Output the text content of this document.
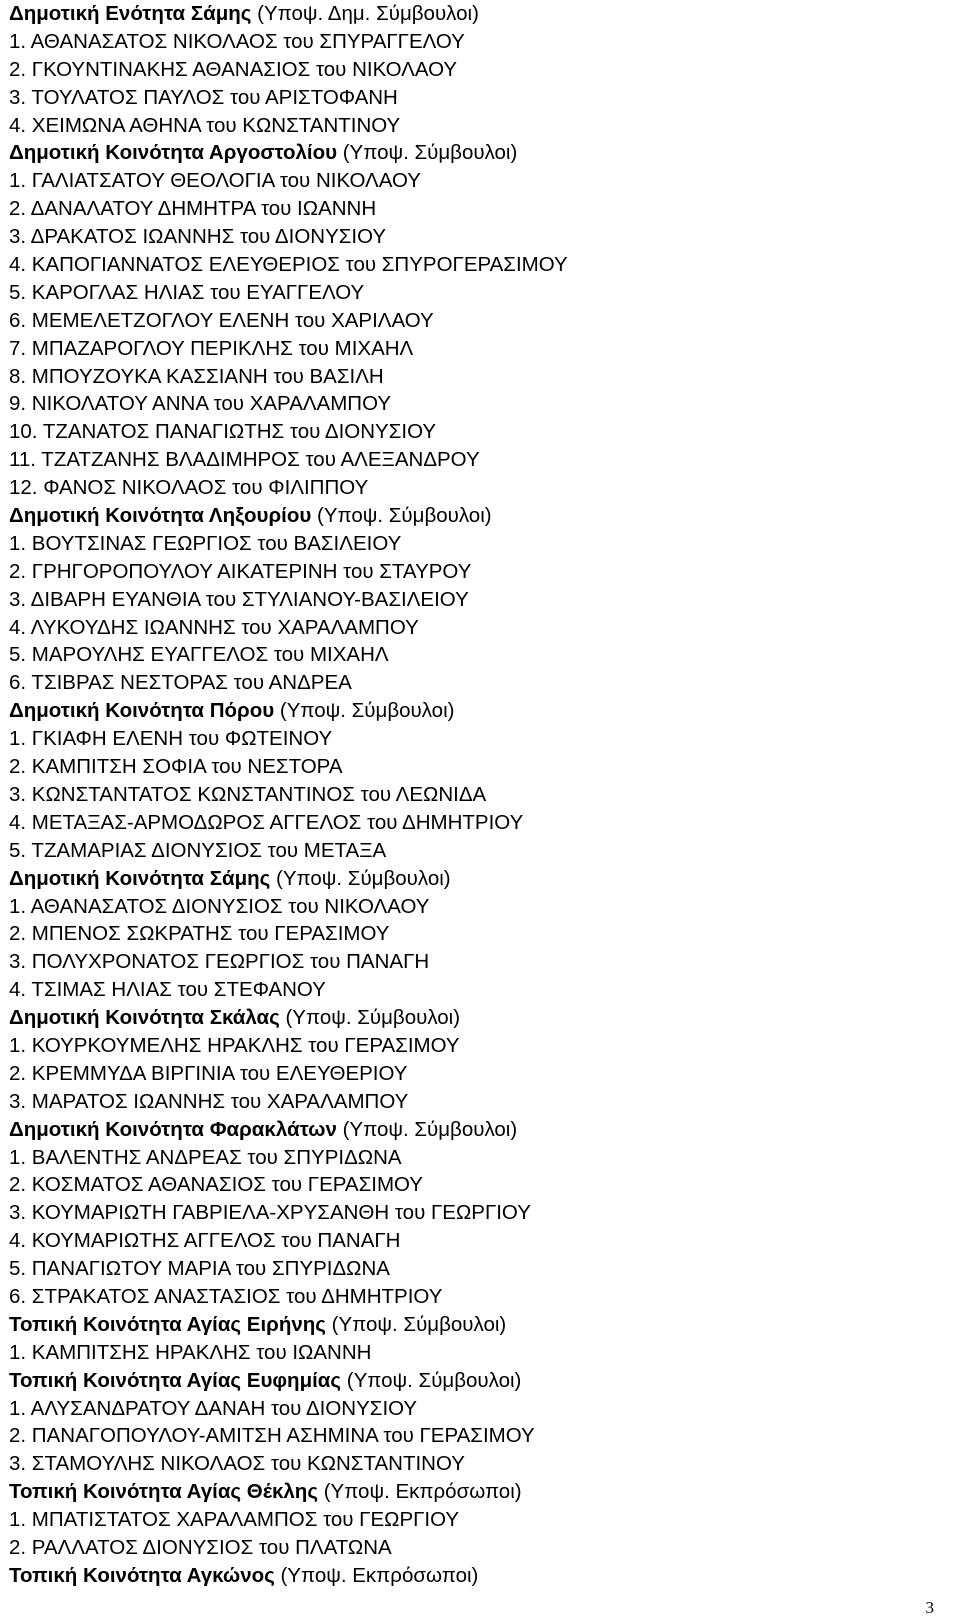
Δημοτική Ενότητα Σάμης (Υποψ. Δημ. Σύμβουλοι)
1. ΑΘΑΝΑΣΑΤΟΣ ΝΙΚΟΛΑΟΣ του ΣΠΥΡΑΓΓΕΛΟΥ
2. ΓΚΟΥΝΤΙΝΑΚΗΣ ΑΘΑΝΑΣΙΟΣ του ΝΙΚΟΛΑΟΥ
3. ΤΟΥΛΑΤΟΣ ΠΑΥΛΟΣ του ΑΡΙΣΤΟΦΑΝΗ
4. ΧΕΙΜΩΝΑ ΑΘΗΝΑ του ΚΩΝΣΤΑΝΤΙΝΟΥ
Δημοτική Κοινότητα Αργοστολίου (Υποψ. Σύμβουλοι)
1. ΓΑΛΙΑΤΣΑΤΟΥ ΘΕΟΛΟΓΙΑ του ΝΙΚΟΛΑΟΥ
2. ΔΑΝΑΛΑΤΟΥ ΔΗΜΗΤΡΑ του ΙΩΑΝΝΗ
3. ΔΡΑΚΑΤΟΣ ΙΩΑΝΝΗΣ του ΔΙΟΝΥΣΙΟΥ
4. ΚΑΠΟΓΙΑΝΝΑΤΟΣ ΕΛΕΥΘΕΡΙΟΣ του ΣΠΥΡΟΓΕΡΑΣΙΜΟΥ
5. ΚΑΡΟΓΛΑΣ ΗΛΙΑΣ του ΕΥΑΓΓΕΛΟΥ
6. ΜΕΜΕΛΕΤΖΟΓΛΟΥ ΕΛΕΝΗ του ΧΑΡΙΛΑΟΥ
7. ΜΠΑΖΑΡΟΓΛΟΥ ΠΕΡΙΚΛΗΣ του ΜΙΧΑΗΛ
8. ΜΠΟΥΖΟΥΚΑ ΚΑΣΣΙΑΝΗ του ΒΑΣΙΛΗ
9. ΝΙΚΟΛΑΤΟΥ ΑΝΝΑ του ΧΑΡΑΛΑΜΠΟΥ
10. ΤΖΑΝΑΤΟΣ ΠΑΝΑΓΙΩΤΗΣ του ΔΙΟΝΥΣΙΟΥ
11. ΤΖΑΤΖΑΝΗΣ ΒΛΑΔΙΜΗΡΟΣ του ΑΛΕΞΑΝΔΡΟΥ
12. ΦΑΝΟΣ ΝΙΚΟΛΑΟΣ του ΦΙΛΙΠΠΟΥ
Δημοτική Κοινότητα Ληξουρίου (Υποψ. Σύμβουλοι)
1. ΒΟΥΤΣΙΝΑΣ ΓΕΩΡΓΙΟΣ του ΒΑΣΙΛΕΙΟΥ
2. ΓΡΗΓΟΡΟΠΟΥΛΟΥ ΑΙΚΑΤΕΡΙΝΗ του ΣΤΑΥΡΟΥ
3. ΔΙΒΑΡΗ ΕΥΑΝΘΙΑ του ΣΤΥΛΙΑΝΟΥ-ΒΑΣΙΛΕΙΟΥ
4. ΛΥΚΟΥΔΗΣ ΙΩΑΝΝΗΣ του ΧΑΡΑΛΑΜΠΟΥ
5. ΜΑΡΟΥΛΗΣ ΕΥΑΓΓΕΛΟΣ του ΜΙΧΑΗΛ
6. ΤΣΙΒΡΑΣ ΝΕΣΤΟΡΑΣ του ΑΝΔΡΕΑ
Δημοτική Κοινότητα Πόρου (Υποψ. Σύμβουλοι)
1. ΓΚΙΑΦΗ ΕΛΕΝΗ του ΦΩΤΕΙΝΟΥ
2. ΚΑΜΠΙΤΣΗ ΣΟΦΙΑ του ΝΕΣΤΟΡΑ
3. ΚΩΝΣΤΑΝΤΑΤΟΣ ΚΩΝΣΤΑΝΤΙΝΟΣ του ΛΕΩΝΙΔΑ
4. ΜΕΤΑΞΑΣ-ΑΡΜΟΔΩΡΟΣ ΑΓΓΕΛΟΣ του ΔΗΜΗΤΡΙΟΥ
5. ΤΖΑΜΑΡΙΑΣ ΔΙΟΝΥΣΙΟΣ του ΜΕΤΑΞΑ
Δημοτική Κοινότητα Σάμης (Υποψ. Σύμβουλοι)
1. ΑΘΑΝΑΣΑΤΟΣ ΔΙΟΝΥΣΙΟΣ του ΝΙΚΟΛΑΟΥ
2. ΜΠΕΝΟΣ ΣΩΚΡΑΤΗΣ του ΓΕΡΑΣΙΜΟΥ
3. ΠΟΛΥΧΡΟΝΑΤΟΣ ΓΕΩΡΓΙΟΣ του ΠΑΝΑΓΗ
4. ΤΣΙΜΑΣ ΗΛΙΑΣ του ΣΤΕΦΑΝΟΥ
Δημοτική Κοινότητα Σκάλας (Υποψ. Σύμβουλοι)
1. ΚΟΥΡΚΟΥΜΕΛΗΣ ΗΡΑΚΛΗΣ του ΓΕΡΑΣΙΜΟΥ
2. ΚΡΕΜΜΥΔΑ ΒΙΡΓΙΝΙΑ του ΕΛΕΥΘΕΡΙΟΥ
3. ΜΑΡΑΤΟΣ ΙΩΑΝΝΗΣ του ΧΑΡΑΛΑΜΠΟΥ
Δημοτική Κοινότητα Φαρακλάτων (Υποψ. Σύμβουλοι)
1. ΒΑΛΕΝΤΗΣ ΑΝΔΡΕΑΣ του ΣΠΥΡΙΔΩΝΑ
2. ΚΟΣΜΑΤΟΣ ΑΘΑΝΑΣΙΟΣ του ΓΕΡΑΣΙΜΟΥ
3. ΚΟΥΜΑΡΙΩΤΗ ΓΑΒΡΙΕΛΑ-ΧΡΥΣΑΝΘΗ του ΓΕΩΡΓΙΟΥ
4. ΚΟΥΜΑΡΙΩΤΗΣ ΑΓΓΕΛΟΣ του ΠΑΝΑΓΗ
5. ΠΑΝΑΓΙΩΤΟΥ ΜΑΡΙΑ του ΣΠΥΡΙΔΩΝΑ
6. ΣΤΡΑΚΑΤΟΣ ΑΝΑΣΤΑΣΙΟΣ του ΔΗΜΗΤΡΙΟΥ
Τοπική Κοινότητα Αγίας Ειρήνης (Υποψ. Σύμβουλοι)
1. ΚΑΜΠΙΤΣΗΣ ΗΡΑΚΛΗΣ του ΙΩΑΝΝΗ
Τοπική Κοινότητα Αγίας Ευφημίας (Υποψ. Σύμβουλοι)
1. ΑΛΥΣΑΝΔΡΑΤΟΥ ΔΑΝΑΗ του ΔΙΟΝΥΣΙΟΥ
2. ΠΑΝΑΓΟΠΟΥΛΟΥ-ΑΜΙΤΣΗ ΑΣΗΜΙΝΑ του ΓΕΡΑΣΙΜΟΥ
3. ΣΤΑΜΟΥΛΗΣ ΝΙΚΟΛΑΟΣ του ΚΩΝΣΤΑΝΤΙΝΟΥ
Τοπική Κοινότητα Αγίας Θέκλης (Υποψ. Εκπρόσωποι)
1. ΜΠΑΤΙΣΤΑΤΟΣ ΧΑΡΑΛΑΜΠΟΣ του ΓΕΩΡΓΙΟΥ
2. ΡΑΛΛΑΤΟΣ ΔΙΟΝΥΣΙΟΣ του ΠΛΑΤΩΝΑ
Τοπική Κοινότητα Αγκώνος (Υποψ. Εκπρόσωποι)
3
